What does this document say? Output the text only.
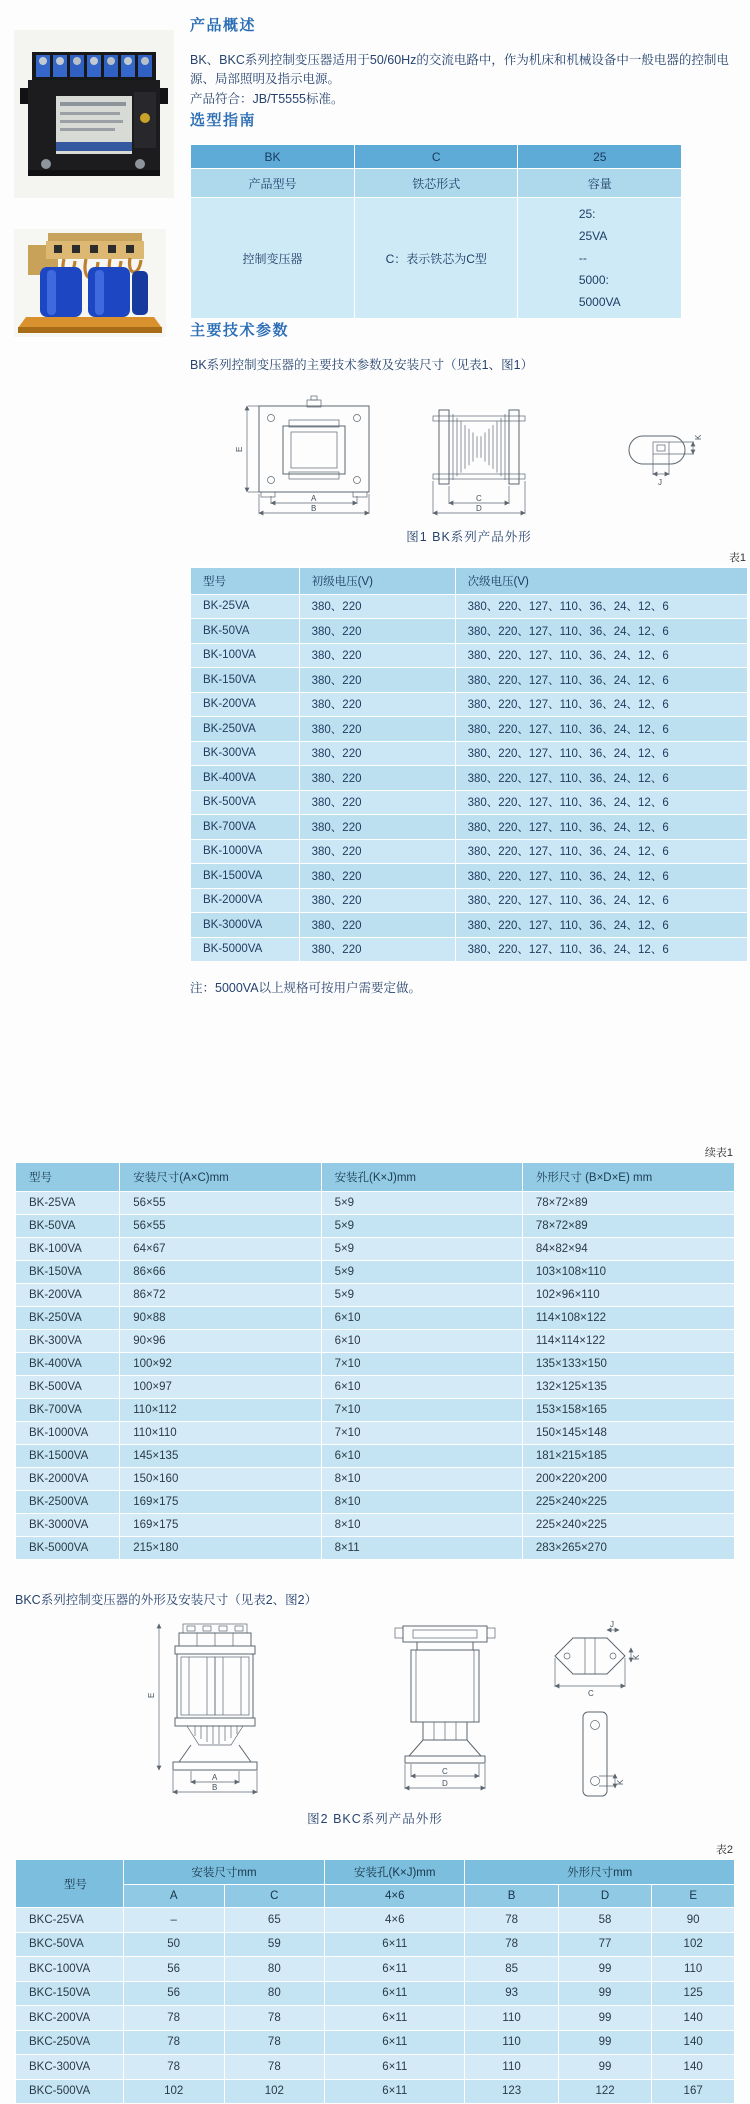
产品概述

BK、BKC系列控制变压器适用于50/60Hz的交流电路中，作为机床和机械设备中一般电器的控制电源、局部照明及指示电源。

产品符合：JB/T5555标准。

选型指南
BK	C	25
产品型号	铁芯形式	容量
控制变压器	C：表示铁芯为C型	25:
25VA
--
5000:
5000VA
主要技术参数

BK系列控制变压器的主要技术参数及安装尺寸（见表1、图1）

E
A
B
C
D
K
J
图1 BK系列产品外形
表1
型号	初级电压(V)	次级电压(V)
BK-25VA	380、220	380、220、127、110、36、24、12、6
BK-50VA	380、220	380、220、127、110、36、24、12、6
BK-100VA	380、220	380、220、127、110、36、24、12、6
BK-150VA	380、220	380、220、127、110、36、24、12、6
BK-200VA	380、220	380、220、127、110、36、24、12、6
BK-250VA	380、220	380、220、127、110、36、24、12、6
BK-300VA	380、220	380、220、127、110、36、24、12、6
BK-400VA	380、220	380、220、127、110、36、24、12、6
BK-500VA	380、220	380、220、127、110、36、24、12、6
BK-700VA	380、220	380、220、127、110、36、24、12、6
BK-1000VA	380、220	380、220、127、110、36、24、12、6
BK-1500VA	380、220	380、220、127、110、36、24、12、6
BK-2000VA	380、220	380、220、127、110、36、24、12、6
BK-3000VA	380、220	380、220、127、110、36、24、12、6
BK-5000VA	380、220	380、220、127、110、36、24、12、6

注：5000VA以上规格可按用户需要定做。

续表1
型号	安装尺寸(A×C)mm	安装孔(K×J)mm	外形尺寸 (B×D×E) mm
BK-25VA	56×55	5×9	78×72×89
BK-50VA	56×55	5×9	78×72×89
BK-100VA	64×67	5×9	84×82×94
BK-150VA	86×66	5×9	103×108×110
BK-200VA	86×72	5×9	102×96×110
BK-250VA	90×88	6×10	114×108×122
BK-300VA	90×96	6×10	114×114×122
BK-400VA	100×92	7×10	135×133×150
BK-500VA	100×97	6×10	132×125×135
BK-700VA	110×112	7×10	153×158×165
BK-1000VA	110×110	7×10	150×145×148
BK-1500VA	145×135	6×10	181×215×185
BK-2000VA	150×160	8×10	200×220×200
BK-2500VA	169×175	8×10	225×240×225
BK-3000VA	169×175	8×10	225×240×225
BK-5000VA	215×180	8×11	283×265×270

BKC系列控制变压器的外形及安装尺寸（见表2、图2）

E
A
B
C
D
J
K
C
K
图2 BKC系列产品外形
表2
型号	安装尺寸mm		安装孔(K×J)mm	外形尺寸mm		
	A	C	4×6	B	D	E
BKC-25VA	–	65	4×6	78	58	90
BKC-50VA	50	59	6×11	78	77	102
BKC-100VA	56	80	6×11	85	99	110
BKC-150VA	56	80	6×11	93	99	125
BKC-200VA	78	78	6×11	110	99	140
BKC-250VA	78	78	6×11	110	99	140
BKC-300VA	78	78	6×11	110	99	140
BKC-500VA	102	102	6×11	123	122	167
